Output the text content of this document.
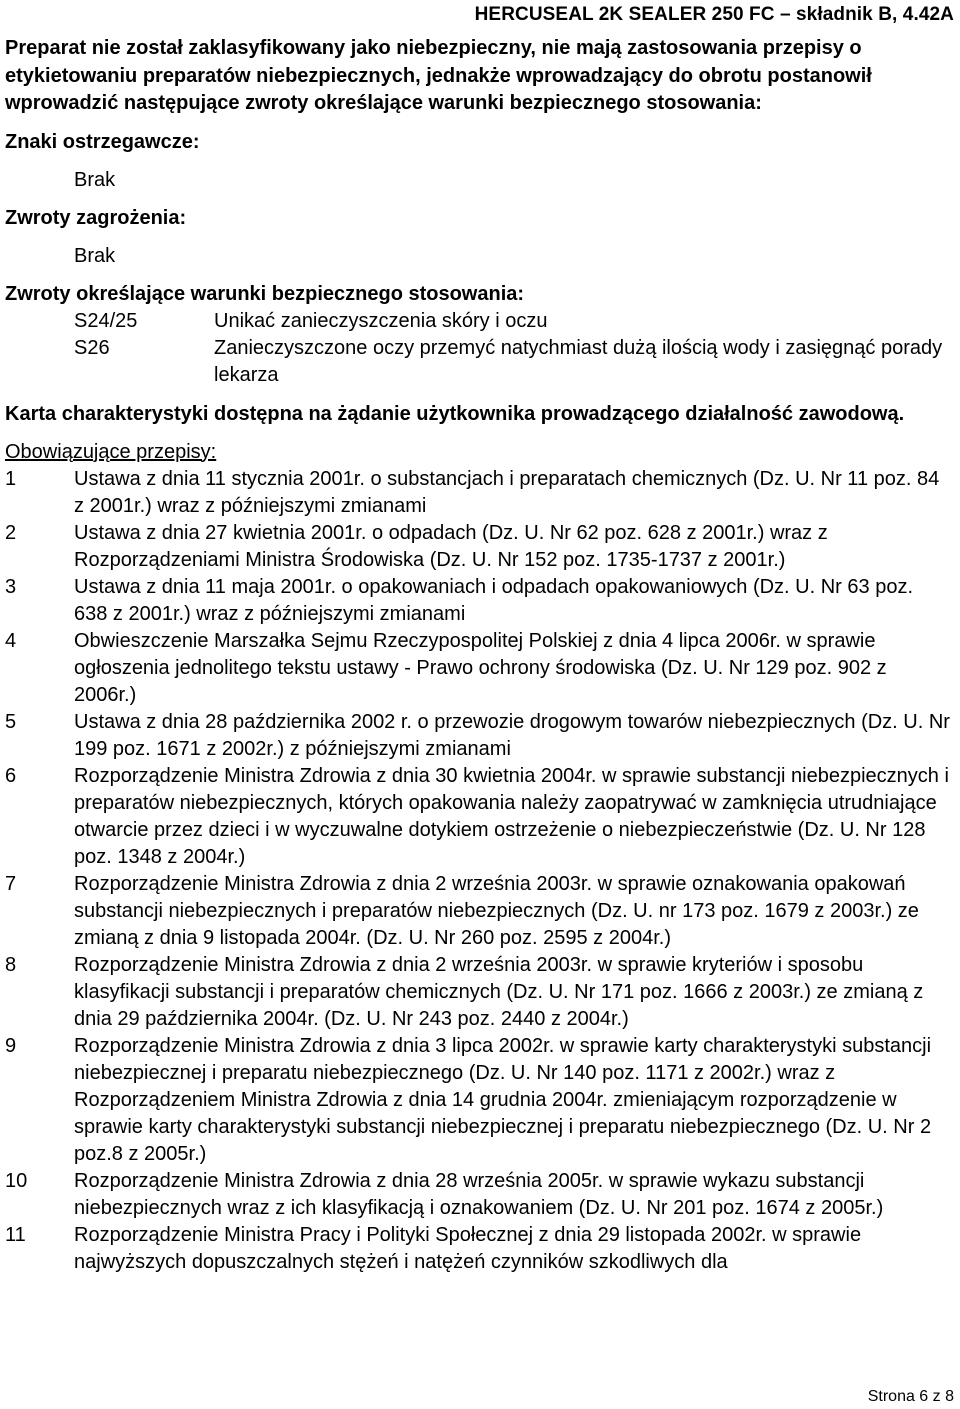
HERCUSEAL 2K SEALER 250 FC – składnik B, 4.42A

Preparat nie został zaklasyfikowany jako niebezpieczny, nie mają zastosowania przepisy o etykietowaniu preparatów niebezpiecznych, jednakże wprowadzający do obrotu postanowił wprowadzić następujące zwroty określające warunki bezpiecznego stosowania:

Znaki ostrzegawcze:

Brak

Zwroty zagrożenia:

Brak

Zwroty określające warunki bezpiecznego stosowania:

S24/25	Unikać zanieczyszczenia skóry i oczu
S26	Zanieczyszczone oczy przemyć natychmiast dużą ilością wody i zasięgnąć porady lekarza

Karta charakterystyki dostępna na żądanie użytkownika prowadzącego działalność zawodową.

Obowiązujące przepisy:

1	Ustawa z dnia 11 stycznia 2001r. o substancjach i preparatach chemicznych (Dz. U. Nr 11 poz. 84 z 2001r.) wraz z późniejszymi zmianami
2	Ustawa z dnia 27 kwietnia 2001r. o odpadach (Dz. U. Nr 62 poz. 628 z 2001r.) wraz z Rozporządzeniami Ministra Środowiska (Dz. U. Nr 152 poz. 1735-1737 z 2001r.)
3	Ustawa z dnia 11 maja 2001r. o opakowaniach i odpadach opakowaniowych (Dz. U. Nr 63 poz. 638 z 2001r.) wraz z późniejszymi zmianami
4	Obwieszczenie Marszałka Sejmu Rzeczypospolitej Polskiej z dnia 4 lipca 2006r. w sprawie ogłoszenia jednolitego tekstu ustawy - Prawo ochrony środowiska (Dz. U. Nr 129 poz. 902 z 2006r.)
5	Ustawa z dnia 28 października 2002 r. o przewozie drogowym towarów niebezpiecznych (Dz. U. Nr 199 poz. 1671 z 2002r.) z późniejszymi zmianami
6	Rozporządzenie Ministra Zdrowia z dnia 30 kwietnia 2004r. w sprawie substancji niebezpiecznych i preparatów niebezpiecznych, których opakowania należy zaopatrywać w zamknięcia utrudniające otwarcie przez dzieci i w wyczuwalne dotykiem ostrzeżenie o niebezpieczeństwie (Dz. U. Nr 128 poz. 1348 z 2004r.)
7	Rozporządzenie Ministra Zdrowia z dnia 2 września 2003r. w sprawie oznakowania opakowań substancji niebezpiecznych i preparatów niebezpiecznych (Dz. U. nr 173 poz. 1679 z 2003r.) ze zmianą z dnia 9 listopada 2004r. (Dz. U. Nr 260 poz. 2595 z 2004r.)
8	Rozporządzenie Ministra Zdrowia z dnia 2 września 2003r. w sprawie kryteriów i sposobu klasyfikacji substancji i preparatów chemicznych (Dz. U. Nr 171 poz. 1666 z 2003r.) ze zmianą z dnia 29 października 2004r. (Dz. U. Nr 243 poz. 2440 z 2004r.)
9	Rozporządzenie Ministra Zdrowia z dnia 3 lipca 2002r. w sprawie karty charakterystyki substancji niebezpiecznej i preparatu niebezpiecznego (Dz. U. Nr 140 poz. 1171 z 2002r.) wraz z Rozporządzeniem Ministra Zdrowia z dnia 14 grudnia 2004r. zmieniającym rozporządzenie w sprawie karty charakterystyki substancji niebezpiecznej i preparatu niebezpiecznego (Dz. U. Nr 2 poz.8 z 2005r.)
10	Rozporządzenie Ministra Zdrowia z dnia 28 września 2005r. w sprawie wykazu substancji niebezpiecznych wraz z ich klasyfikacją i oznakowaniem (Dz. U. Nr 201 poz. 1674 z 2005r.)
11	Rozporządzenie Ministra Pracy i Polityki Społecznej z dnia 29 listopada 2002r. w sprawie najwyższych dopuszczalnych stężeń i natężeń czynników szkodliwych dla
Strona 6 z 8
